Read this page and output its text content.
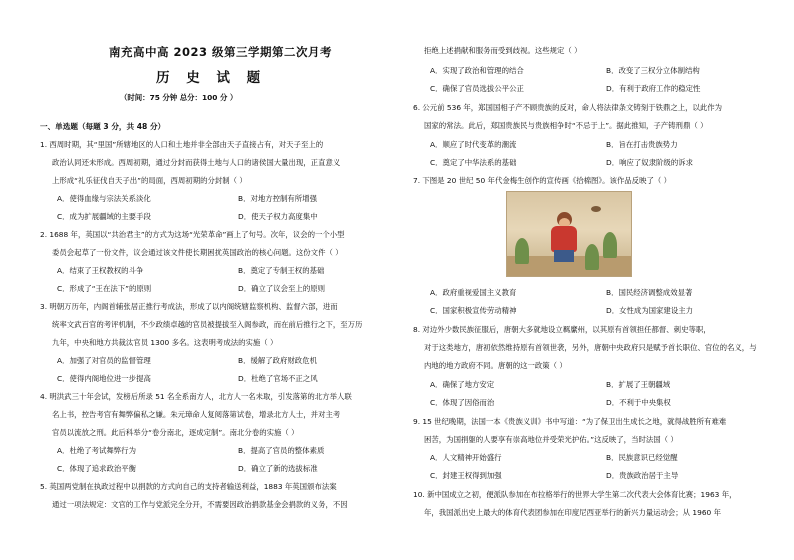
南充高中高 2023 级第三学期第二次月考
历 史 试 题
（时间：75 分钟 总分：100 分 ）
一、单选题（每题 3 分，共 48 分）
1. 西周时期，其“里国”所辖地区的人口和土地并非全部由天子直接占有，对天子至上的
政治认同还未形成。西周初期，通过分封而获得土地与人口的诸侯国大量出现，正直意义
上形成“礼乐征伐自天子出”的局面，西周初期的分封制（ ）
A．使得血缘与宗法关系淡化	B．对地方控制有所增强
C．成为扩展疆域的主要手段	D．使天子权力高度集中
2. 1688 年，英国以“共治君主”的方式为这场“光荣革命”画上了句号。次年，议会的一个小型
委员会起草了一份文件，议会通过该文件使长期困扰英国政治的核心问题。这份文件（ ）
A．结束了王权教权的斗争	B．奠定了专制王权的基础
C．形成了“王在法下”的原则	D．确立了议会至上的原则
3. 明朝万历年，内阁首辅张居正推行考成法，形成了以内阁统辖监察机构、监督六部，进而
统率文武百官的考评机制，不少政绩卓越的官员被提拔至入阁参政，而在前后推行之下，至万历
九年，中央和地方共裁汰官员 1300 多名。这表明考成法的实施（ ）
A．加强了对官员的监督管理	B．缓解了政府财政危机
C．使得内阁地位进一步提高	D．杜绝了官场不正之风
4. 明洪武三十年会试，发榜后所录 51 名全系南方人，北方人一名未取，引发落第的北方举人联
名上书，控告考官有舞弊偏私之嫌。朱元璋命人复阅落第试卷，增录北方人士，并对主考
官员以流放之刑。此后科举分“卷分南北，逐成定制”。南北分卷的实施（ ）
A．杜绝了考试舞弊行为	B．提高了官员的整体素质
C．体现了追求政治平衡	D．确立了新的选拔标准
5. 英国两党制在执政过程中以捐款的方式向自己的支持者输送利益，1883 年英国颁布法案
通过一项法规定：文官的工作与党派完全分开，不需要因政治捐款基金会捐款的义务，不因
拒绝上述捐献和服务而受到歧视。这些规定（ ）
A．实现了政治和管理的结合	B．改变了三权分立体制结构
C．确保了官员选拔公平公正	D．有利于政府工作的稳定性
6. 公元前 536 年，郑国国相子产不顾贵族的反对，命人将法律条文铸刻于铁鼎之上，以此作为
国家的常法。此后，郑国贵族民与贵族相争时“不忌于上”。据此推知，子产铸刑鼎（ ）
A．顺应了时代变革的潮流	B．旨在打击贵族势力
C．奠定了中华法系的基础	D．响应了奴隶阶级的诉求
7. 下图是 20 世纪 50 年代金梅生创作的宣传画《拾棉图》。该作品反映了（ ）
A．政府重视爱国主义教育	B．国民经济调整成效显著
C．国家积极宣传劳动精神	D．女性成为国家建设主力
8. 对边外少数民族征服后，唐朝大多就地设立羁縻州，以其原有首领担任都督、刺史等职，
对于这类地方，唐初依然维持原有首领世袭，另外，唐朝中央政府只是赋予首长职位、官位的名义，与
内地的地方政府不同。唐朝的这一政策（ ）
A．确保了地方安定	B．扩展了王朝疆域
C．体现了因俗而治	D．不利于中央集权
9. 15 世纪晚期，法国一本《贵族义训》书中写道：“为了保卫出生成长之地，就得战胜所有难难
困苦，为国捐躯的人要享有崇高地位并受荣光护佑。”这反映了，当时法国（ ）
A．人文精神开始盛行	B．民族意识已经觉醒
C．封建王权得到加强	D．贵族政治居于主导
10. 新中国成立之初，便派队参加在布拉格举行的世界大学生第二次代表大会体育比赛；1963 年，
年，我国派出史上最大的体育代表团参加在印度尼西亚举行的新兴力量运动会；从 1960 年
